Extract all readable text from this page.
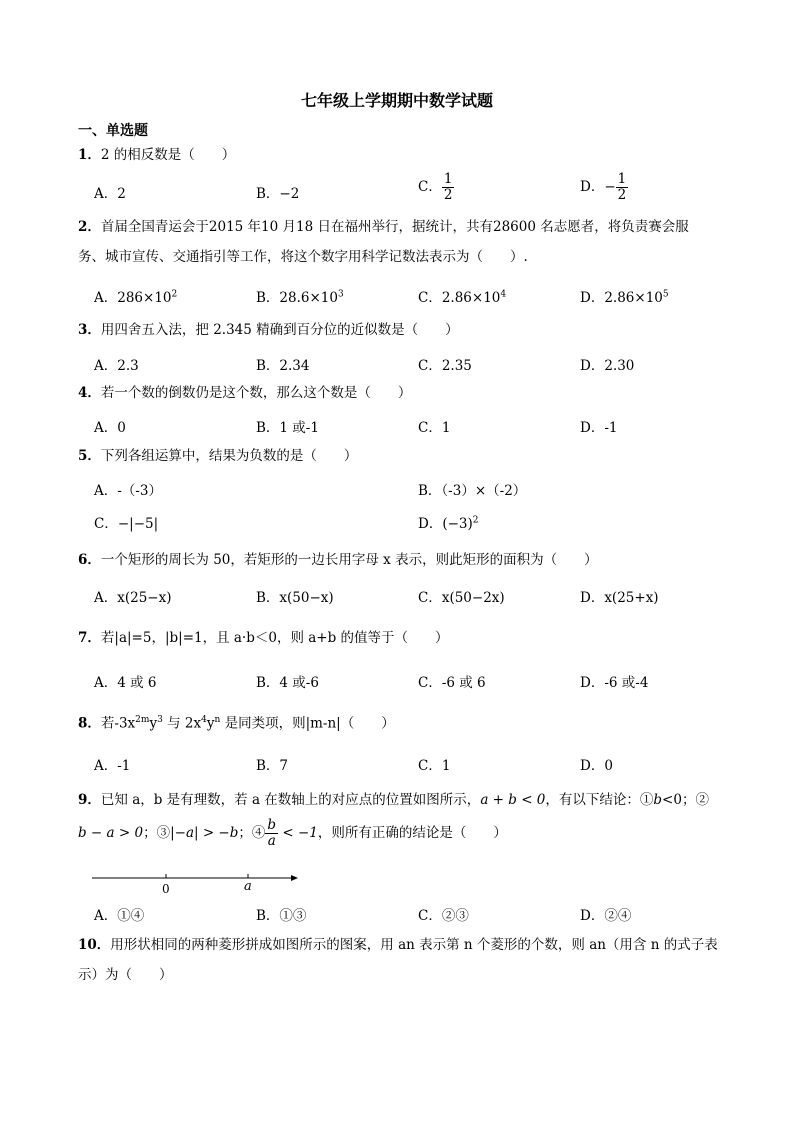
七年级上学期期中数学试题
一、单选题
1．2 的相反数是（　　）
A．2	B．−2	C． $\frac{1}{2}$	D．− $\frac{1}{2}$
2．首届全国青运会于2015 年10 月18 日在福州举行，据统计，共有28600 名志愿者，将负责赛会服
务、城市宣传、交通指引等工作，将这个数字用科学记数法表示为（　　）.
A．$286\times 10^2$	B．$28.6\times 10^3$	C．$2.86\times 10^4$	D．$2.86\times 10^5$
3．用四舍五入法，把 2.345 精确到百分位的近似数是（　　）
A．2.3	B．2.34	C．2.35	D．2.30
4．若一个数的倒数仍是这个数，那么这个数是（　　）
A．0	B．1 或-1	C．1	D．-1
5．下列各组运算中，结果为负数的是（　　）
A．-（-3）	B．（-3）×（-2）
C．−|−5|	D．$(-3)^2$
6．一个矩形的周长为 50，若矩形的一边长用字母 x 表示，则此矩形的面积为（　　）
A．x(25−x)	B．x(50−x)	C．x(50−2x)	D．x(25+x)
7．若|a|=5，|b|=1，且 a·b＜0，则 a+b 的值等于（　　）
A．4 或 6	B．4 或-6	C．-6 或 6	D．-6 或-4
8．若$-3x^{2m}y^3$ 与 $2x^4y^n$ 是同类项，则|m-n|（　　）
A．-1	B．7	C．1	D．0
9．已知 a，b 是有理数，若 a 在数轴上的对应点的位置如图所示，a + b < 0，有以下结论：①b<0；②
b − a > 0；③|−a| > −b；④ $\frac{b}{a} < -1$，则所有正确的结论是（　　）
0	a
A．①④	B．①③	C．②③	D．②④
10．用形状相同的两种菱形拼成如图所示的图案，用 an 表示第 n 个菱形的个数，则 an（用含 n 的式子表
示）为（　　）
